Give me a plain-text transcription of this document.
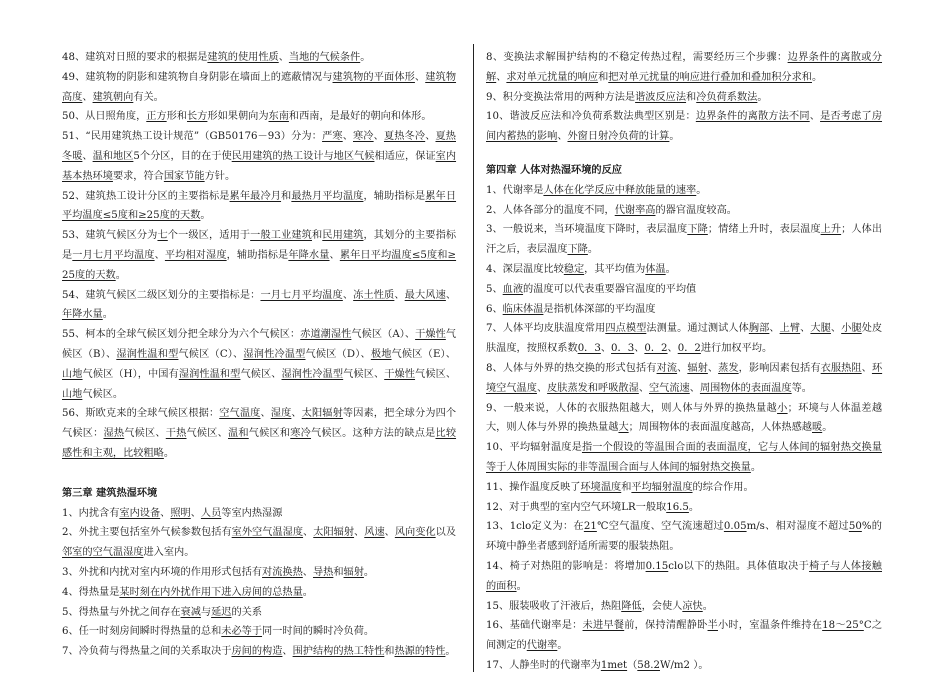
48、建筑对日照的要求的根据是建筑的使用性质、当地的气候条件。

49、建筑物的阴影和建筑物自身阴影在墙面上的遮蔽情况与建筑物的平面体形、建筑物高度、建筑朝向有关。

50、从日照角度，正方形和长方形如果朝向为东南和西南，是最好的朝向和体形。

51、“民用建筑热工设计规范”（GB50176－93）分为：严寒、寒冷、夏热冬冷、夏热冬暖、温和地区5个分区，目的在于使民用建筑的热工设计与地区气候相适应，保证室内基本热环境要求，符合国家节能方针。

52、建筑热工设计分区的主要指标是累年最冷月和最热月平均温度，辅助指标是累年日平均温度≤5度和≥25度的天数。

53、建筑气候区分为七个一级区，适用于一般工业建筑和民用建筑，其划分的主要指标是一月七月平均温度、平均相对湿度，辅助指标是年降水量、累年日平均温度≤5度和≥25度的天数。

54、建筑气候区二级区划分的主要指标是：一月七月平均温度、冻土性质、最大风速、年降水量。

55、柯本的全球气候区划分把全球分为六个气候区：赤道潮湿性气候区（A）、干燥性气候区（B）、湿润性温和型气候区（C）、湿润性冷温型气候区（D）、极地气候区（E）、山地气候区（H），中国有湿润性温和型气候区、湿润性冷温型气候区、干燥性气候区、山地气候区。

56、斯欧克来的全球气候区根据：空气温度、湿度、太阳辐射等因素，把全球分为四个气候区：湿热气候区、干热气候区、温和气候区和寒冷气候区。这种方法的缺点是比较感性和主观，比较粗略。

第三章 建筑热湿环境

1、内扰含有室内设备、照明、人员等室内热湿源

2、外扰主要包括室外气候参数包括有室外空气温湿度、太阳辐射、风速、风向变化以及邻室的空气温湿度进入室内。

3、外扰和内扰对室内环境的作用形式包括有对流换热、导热和辐射。

4、得热量是某时刻在内外扰作用下进入房间的总热量。

5、得热量与外扰之间存在衰减与延迟的关系

6、任一时刻房间瞬时得热量的总和未必等于同一时间的瞬时冷负荷。

7、冷负荷与得热量之间的关系取决于房间的构造、围护结构的热工特性和热源的特性。

8、变换法求解围护结构的不稳定传热过程，需要经历三个步骤：边界条件的离散或分解、求对单元扰量的响应和把对单元扰量的响应进行叠加和叠加积分求和。

9、积分变换法常用的两种方法是谐波反应法和冷负荷系数法。

10、谐波反应法和冷负荷系数法典型区别是：边界条件的离散方法不同、是否考虑了房间内蓄热的影响、外窗日射冷负荷的计算。

第四章 人体对热湿环境的反应

1、代谢率是人体在化学反应中释放能量的速率。

2、人体各部分的温度不同，代谢率高的器官温度较高。

3、一般说来，当环境温度下降时，表层温度下降；情绪上升时，表层温度上升；人体出汗之后，表层温度下降。

4、深层温度比较稳定，其平均值为体温。

5、血液的温度可以代表重要器官温度的平均值

6、临床体温是指机体深部的平均温度

7、人体平均皮肤温度常用四点模型法测量。通过测试人体胸部、上臂、大腿、小腿处皮肤温度，按照权系数0．3、0．3、0．2、0．2进行加权平均。

8、人体与外界的热交换的形式包括有对流、辐射、蒸发，影响因素包括有衣服热阻、环境空气温度、皮肤蒸发和呼吸散湿、空气流速、周围物体的表面温度等。

9、一般来说，人体的衣服热阻越大，则人体与外界的换热量越小；环境与人体温差越大，则人体与外界的换热量越大；周围物体的表面温度越高，人体热感越暖。

10、平均辐射温度是指一个假设的等温围合面的表面温度，它与人体间的辐射热交换量等于人体周围实际的非等温围合面与人体间的辐射热交换量。

11、操作温度反映了环境温度和平均辐射温度的综合作用。

12、对于典型的室内空气环境LR一般取16.5。

13、1clo定义为：在21℃空气温度、空气流速超过0.05m/s、相对湿度不超过50%的环境中静坐者感到舒适所需要的服装热阻。

14、椅子对热阻的影响是：将增加0.15clo以下的热阻。具体值取决于椅子与人体接触的面积。

15、服装吸收了汗液后，热阻降低，会使人凉快。

16、基础代谢率是：未进早餐前，保持清醒静卧半小时，室温条件维持在18～25°C之间测定的代谢率。

17、人静坐时的代谢率为1met（58.2W/m2 ）。
